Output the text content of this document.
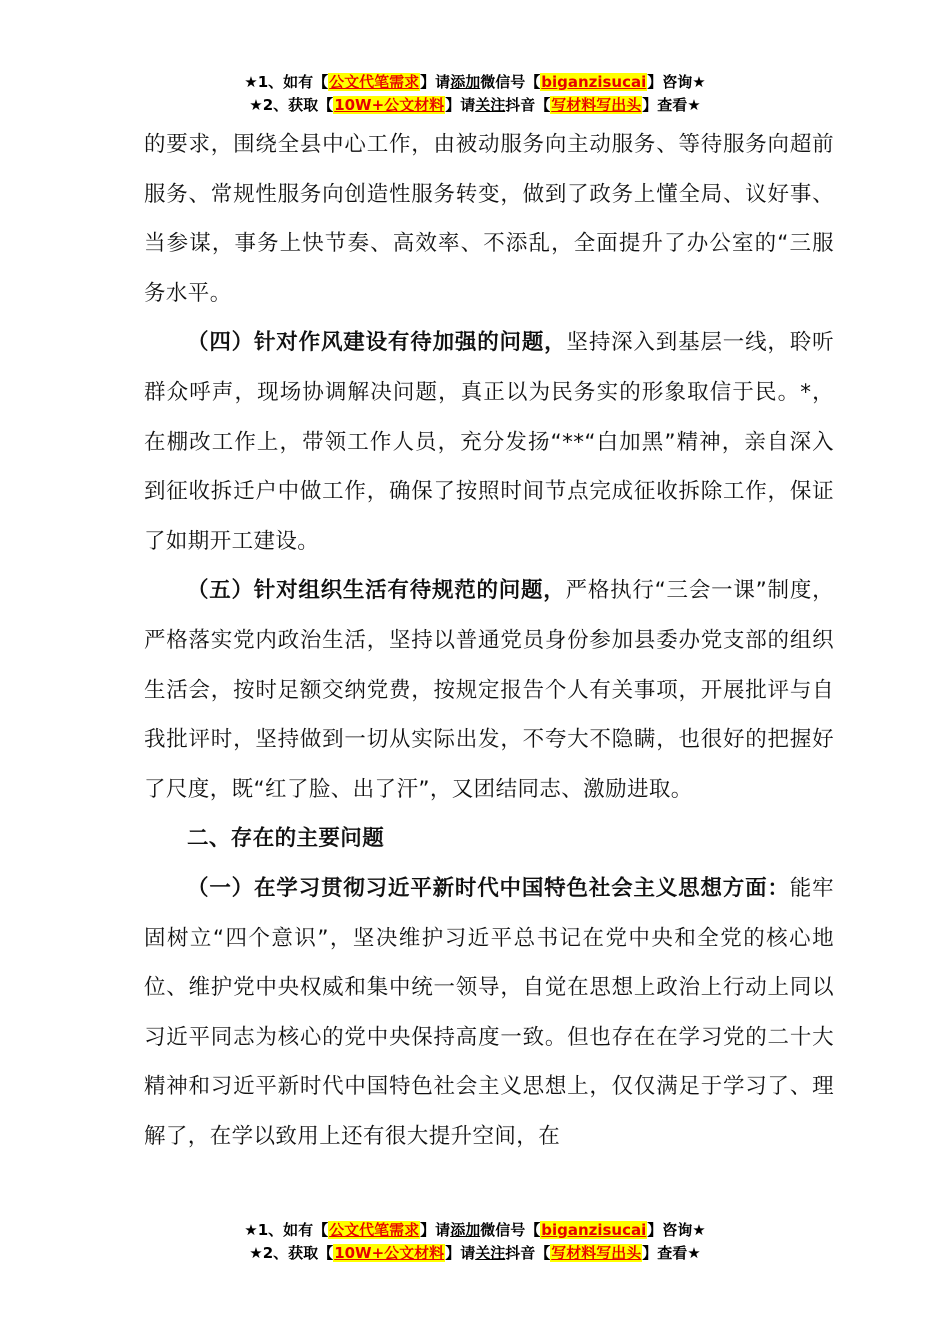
★1、如有【公文代笔需求】请添加微信号【biganzisucai】咨询★
★2、获取【10W+公文材料】请关注抖音【写材料写出头】查看★

的要求，围绕全县中心工作，由被动服务向主动服务、等待服务向超前服务、常规性服务向创造性服务转变，做到了政务上懂全局、议好事、当参谋，事务上快节奏、高效率、不添乱，全面提升了办公室的“三服务水平。

（四）针对作风建设有待加强的问题，坚持深入到基层一线，聆听群众呼声，现场协调解决问题，真正以为民务实的形象取信于民。*，在棚改工作上，带领工作人员，充分发扬“**“白加黑”精神，亲自深入到征收拆迁户中做工作，确保了按照时间节点完成征收拆除工作，保证了如期开工建设。

（五）针对组织生活有待规范的问题，严格执行“三会一课”制度，严格落实党内政治生活，坚持以普通党员身份参加县委办党支部的组织生活会，按时足额交纳党费，按规定报告个人有关事项，开展批评与自我批评时，坚持做到一切从实际出发，不夸大不隐瞒，也很好的把握好了尺度，既“红了脸、出了汗”，又团结同志、激励进取。

二、存在的主要问题

（一）在学习贯彻习近平新时代中国特色社会主义思想方面：能牢固树立“四个意识”，坚决维护习近平总书记在党中央和全党的核心地位、维护党中央权威和集中统一领导，自觉在思想上政治上行动上同以习近平同志为核心的党中央保持高度一致。但也存在在学习党的二十大精神和习近平新时代中国特色社会主义思想上，仅仅满足于学习了、理解了，在学以致用上还有很大提升空间，在

★1、如有【公文代笔需求】请添加微信号【biganzisucai】咨询★
★2、获取【10W+公文材料】请关注抖音【写材料写出头】查看★
